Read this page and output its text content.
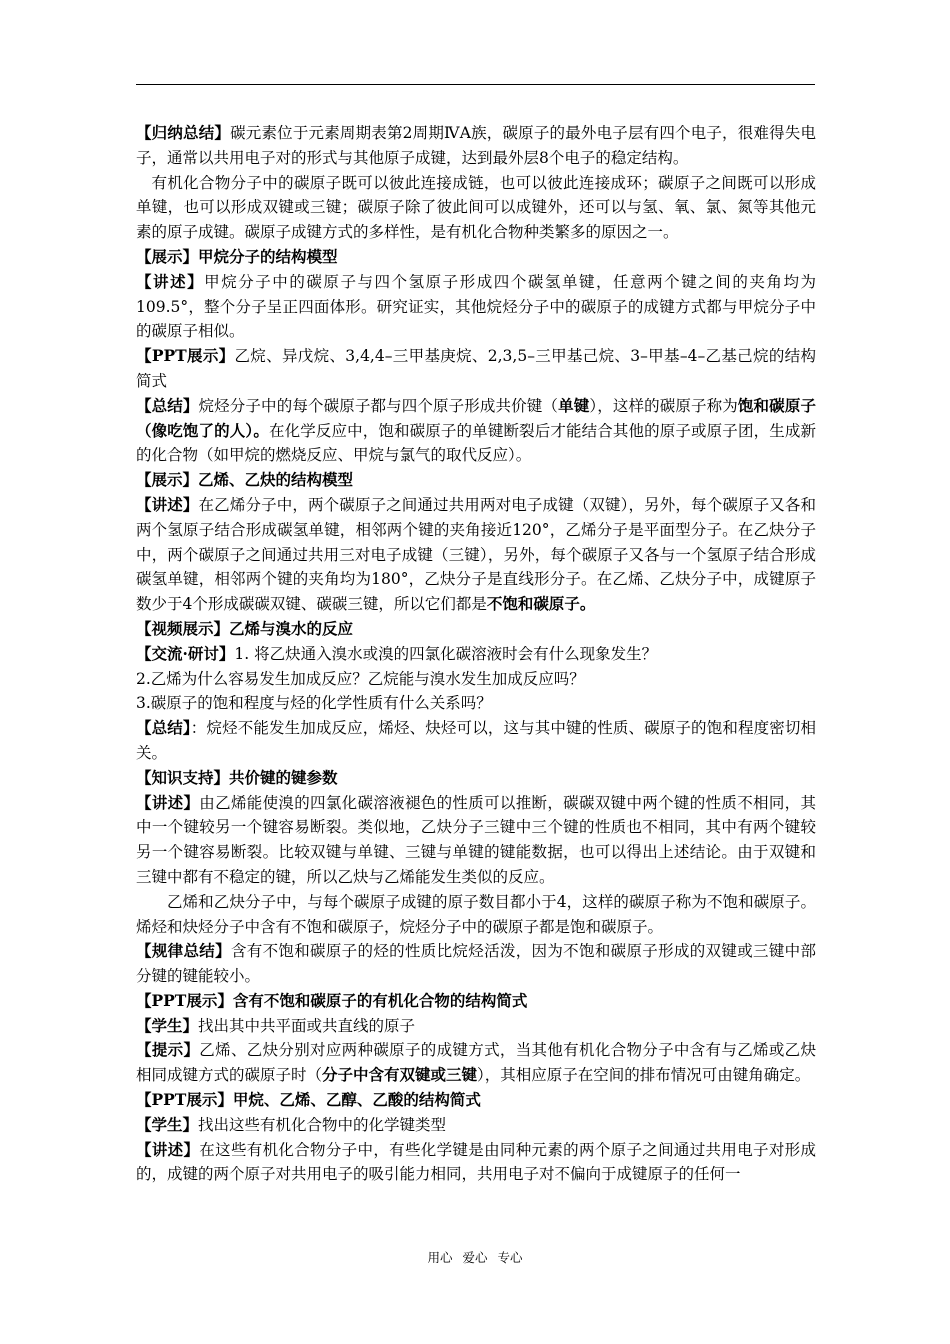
【归纳总结】碳元素位于元素周期表第2周期ⅣA族，碳原子的最外电子层有四个电子，很难得失电子，通常以共用电子对的形式与其他原子成键，达到最外层8个电子的稳定结构。

有机化合物分子中的碳原子既可以彼此连接成链，也可以彼此连接成环；碳原子之间既可以形成单键，也可以形成双键或三键；碳原子除了彼此间可以成键外，还可以与氢、氧、氯、氮等其他元素的原子成键。碳原子成键方式的多样性，是有机化合物种类繁多的原因之一。

【展示】甲烷分子的结构模型

【讲述】甲烷分子中的碳原子与四个氢原子形成四个碳氢单键，任意两个键之间的夹角均为109.5°，整个分子呈正四面体形。研究证实，其他烷烃分子中的碳原子的成键方式都与甲烷分子中的碳原子相似。

【PPT展示】乙烷、异戊烷、3,4,4–三甲基庚烷、2,3,5–三甲基己烷、3–甲基–4–乙基己烷的结构简式

【总结】烷烃分子中的每个碳原子都与四个原子形成共价键（单键），这样的碳原子称为饱和碳原子（像吃饱了的人）。在化学反应中，饱和碳原子的单键断裂后才能结合其他的原子或原子团，生成新的化合物（如甲烷的燃烧反应、甲烷与氯气的取代反应）。

【展示】乙烯、乙炔的结构模型

【讲述】在乙烯分子中，两个碳原子之间通过共用两对电子成键（双键），另外，每个碳原子又各和两个氢原子结合形成碳氢单键，相邻两个键的夹角接近120°，乙烯分子是平面型分子。在乙炔分子中，两个碳原子之间通过共用三对电子成键（三键），另外，每个碳原子又各与一个氢原子结合形成碳氢单键，相邻两个键的夹角均为180°，乙炔分子是直线形分子。在乙烯、乙炔分子中，成键原子数少于4个形成碳碳双键、碳碳三键，所以它们都是不饱和碳原子。

【视频展示】乙烯与溴水的反应

【交流·研讨】1. 将乙炔通入溴水或溴的四氯化碳溶液时会有什么现象发生？

2.乙烯为什么容易发生加成反应？乙烷能与溴水发生加成反应吗？

3.碳原子的饱和程度与烃的化学性质有什么关系吗？

【总结】：烷烃不能发生加成反应，烯烃、炔烃可以，这与其中键的性质、碳原子的饱和程度密切相关。

【知识支持】共价键的键参数

【讲述】由乙烯能使溴的四氯化碳溶液褪色的性质可以推断，碳碳双键中两个键的性质不相同，其中一个键较另一个键容易断裂。类似地，乙炔分子三键中三个键的性质也不相同，其中有两个键较另一个键容易断裂。比较双键与单键、三键与单键的键能数据，也可以得出上述结论。由于双键和三键中都有不稳定的键，所以乙炔与乙烯能发生类似的反应。

乙烯和乙炔分子中，与每个碳原子成键的原子数目都小于4，这样的碳原子称为不饱和碳原子。烯烃和炔烃分子中含有不饱和碳原子，烷烃分子中的碳原子都是饱和碳原子。

【规律总结】含有不饱和碳原子的烃的性质比烷烃活泼，因为不饱和碳原子形成的双键或三键中部分键的键能较小。

【PPT展示】含有不饱和碳原子的有机化合物的结构简式

【学生】找出其中共平面或共直线的原子

【提示】乙烯、乙炔分别对应两种碳原子的成键方式，当其他有机化合物分子中含有与乙烯或乙炔相同成键方式的碳原子时（分子中含有双键或三键），其相应原子在空间的排布情况可由键角确定。

【PPT展示】甲烷、乙烯、乙醇、乙酸的结构简式

【学生】找出这些有机化合物中的化学键类型

【讲述】在这些有机化合物分子中，有些化学键是由同种元素的两个原子之间通过共用电子对形成的，成键的两个原子对共用电子的吸引能力相同，共用电子对不偏向于成键原子的任何一

用心 爱心 专心
